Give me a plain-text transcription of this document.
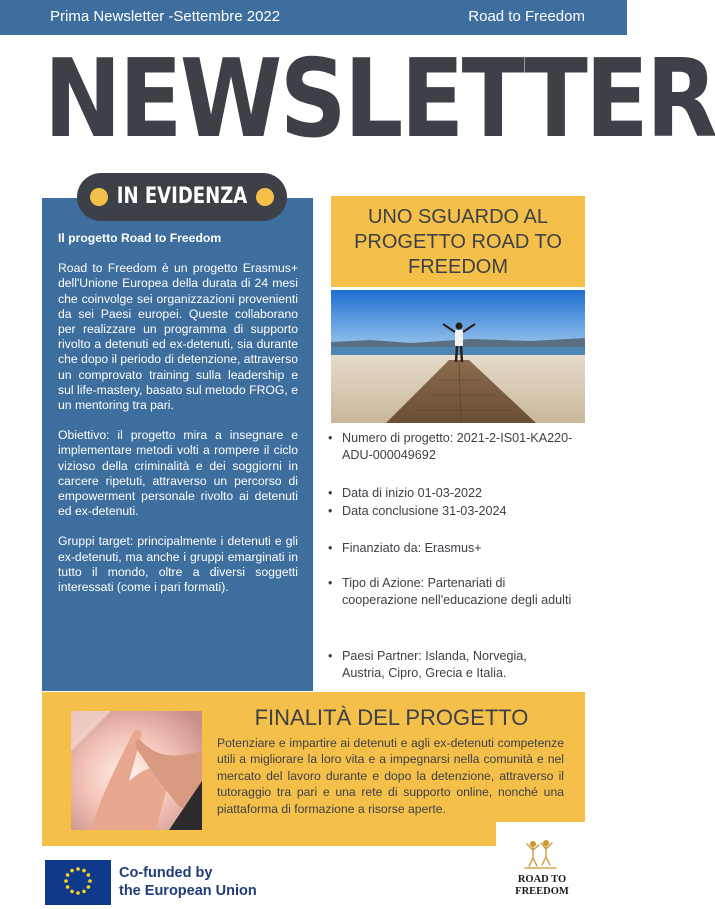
Prima Newsletter -Settembre 2022	Road to Freedom
NEWSLETTER
IN EVIDENZA

Il progetto Road to Freedom

Road to Freedom è un progetto Erasmus+ dell'Unione Europea della durata di 24 mesi che coinvolge sei organizzazioni provenienti da sei Paesi europei. Queste collaborano per realizzare un programma di supporto rivolto a detenuti ed ex-detenuti, sia durante che dopo il periodo di detenzione, attraverso un comprovato training sulla leadership e sul life-mastery, basato sul metodo FROG, e un mentoring tra pari.

Obiettivo: il progetto mira a insegnare e implementare metodi volti a rompere il ciclo vizioso della criminalità e dei soggiorni in carcere ripetuti, attraverso un percorso di empowerment personale rivolto ai detenuti ed ex-detenuti.

Gruppi target: principalmente i detenuti e gli ex-detenuti, ma anche i gruppi emarginati in tutto il mondo, oltre a diversi soggetti interessati (come i pari formati).

UNO SGUARDO AL PROGETTO ROAD TO FREEDOM
• Numero di progetto: 2021-2-IS01-KA220-ADU-000049692
• Data di inizio 01-03-2022
• Data conclusione 31-03-2024
• Finanziato da: Erasmus+
• Tipo di Azione: Partenariati di cooperazione nell'educazione degli adulti
• Paesi Partner: Islanda, Norvegia, Austria, Cipro, Grecia e Italia.
FINALITÀ DEL PROGETTO
Potenziare e impartire ai detenuti e agli ex-detenuti competenze utili a migliorare la loro vita e a impegnarsi nella comunità e nel mercato del lavoro durante e dopo la detenzione, attraverso il tutoraggio tra pari e una rete di supporto online, nonché una piattaforma di formazione a risorse aperte.
Co-funded by
the European Union
ROAD TO
FREEDOM
